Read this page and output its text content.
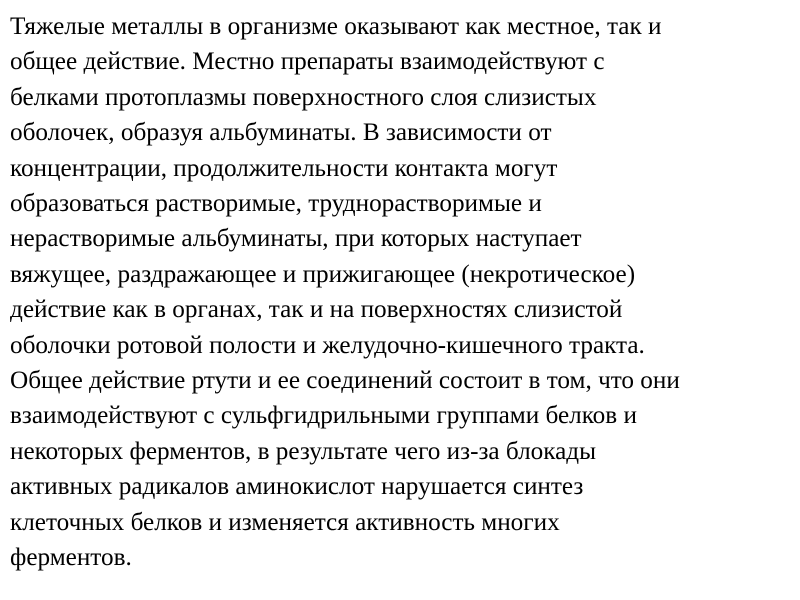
Тяжелые металлы в организме оказывают как местное, так и
общее действие. Местно препараты взаимодействуют с
белками протоплазмы поверхностного слоя слизистых
оболочек, образуя альбуминаты. В зависимости от
концентрации, продолжительности контакта могут
образоваться растворимые, труднорастворимые и
нерастворимые альбуминаты, при которых наступает
вяжущее, раздражающее и прижигающее (некротическое)
действие как в органах, так и на поверхностях слизистой
оболочки ротовой полости и желудочно-кишечного тракта.
Общее действие ртути и ее соединений состоит в том, что они
взаимодействуют с сульфгидрильными группами белков и
некоторых ферментов, в результате чего из-за блокады
активных радикалов аминокислот нарушается синтез
клеточных белков и изменяется активность многих
ферментов.
